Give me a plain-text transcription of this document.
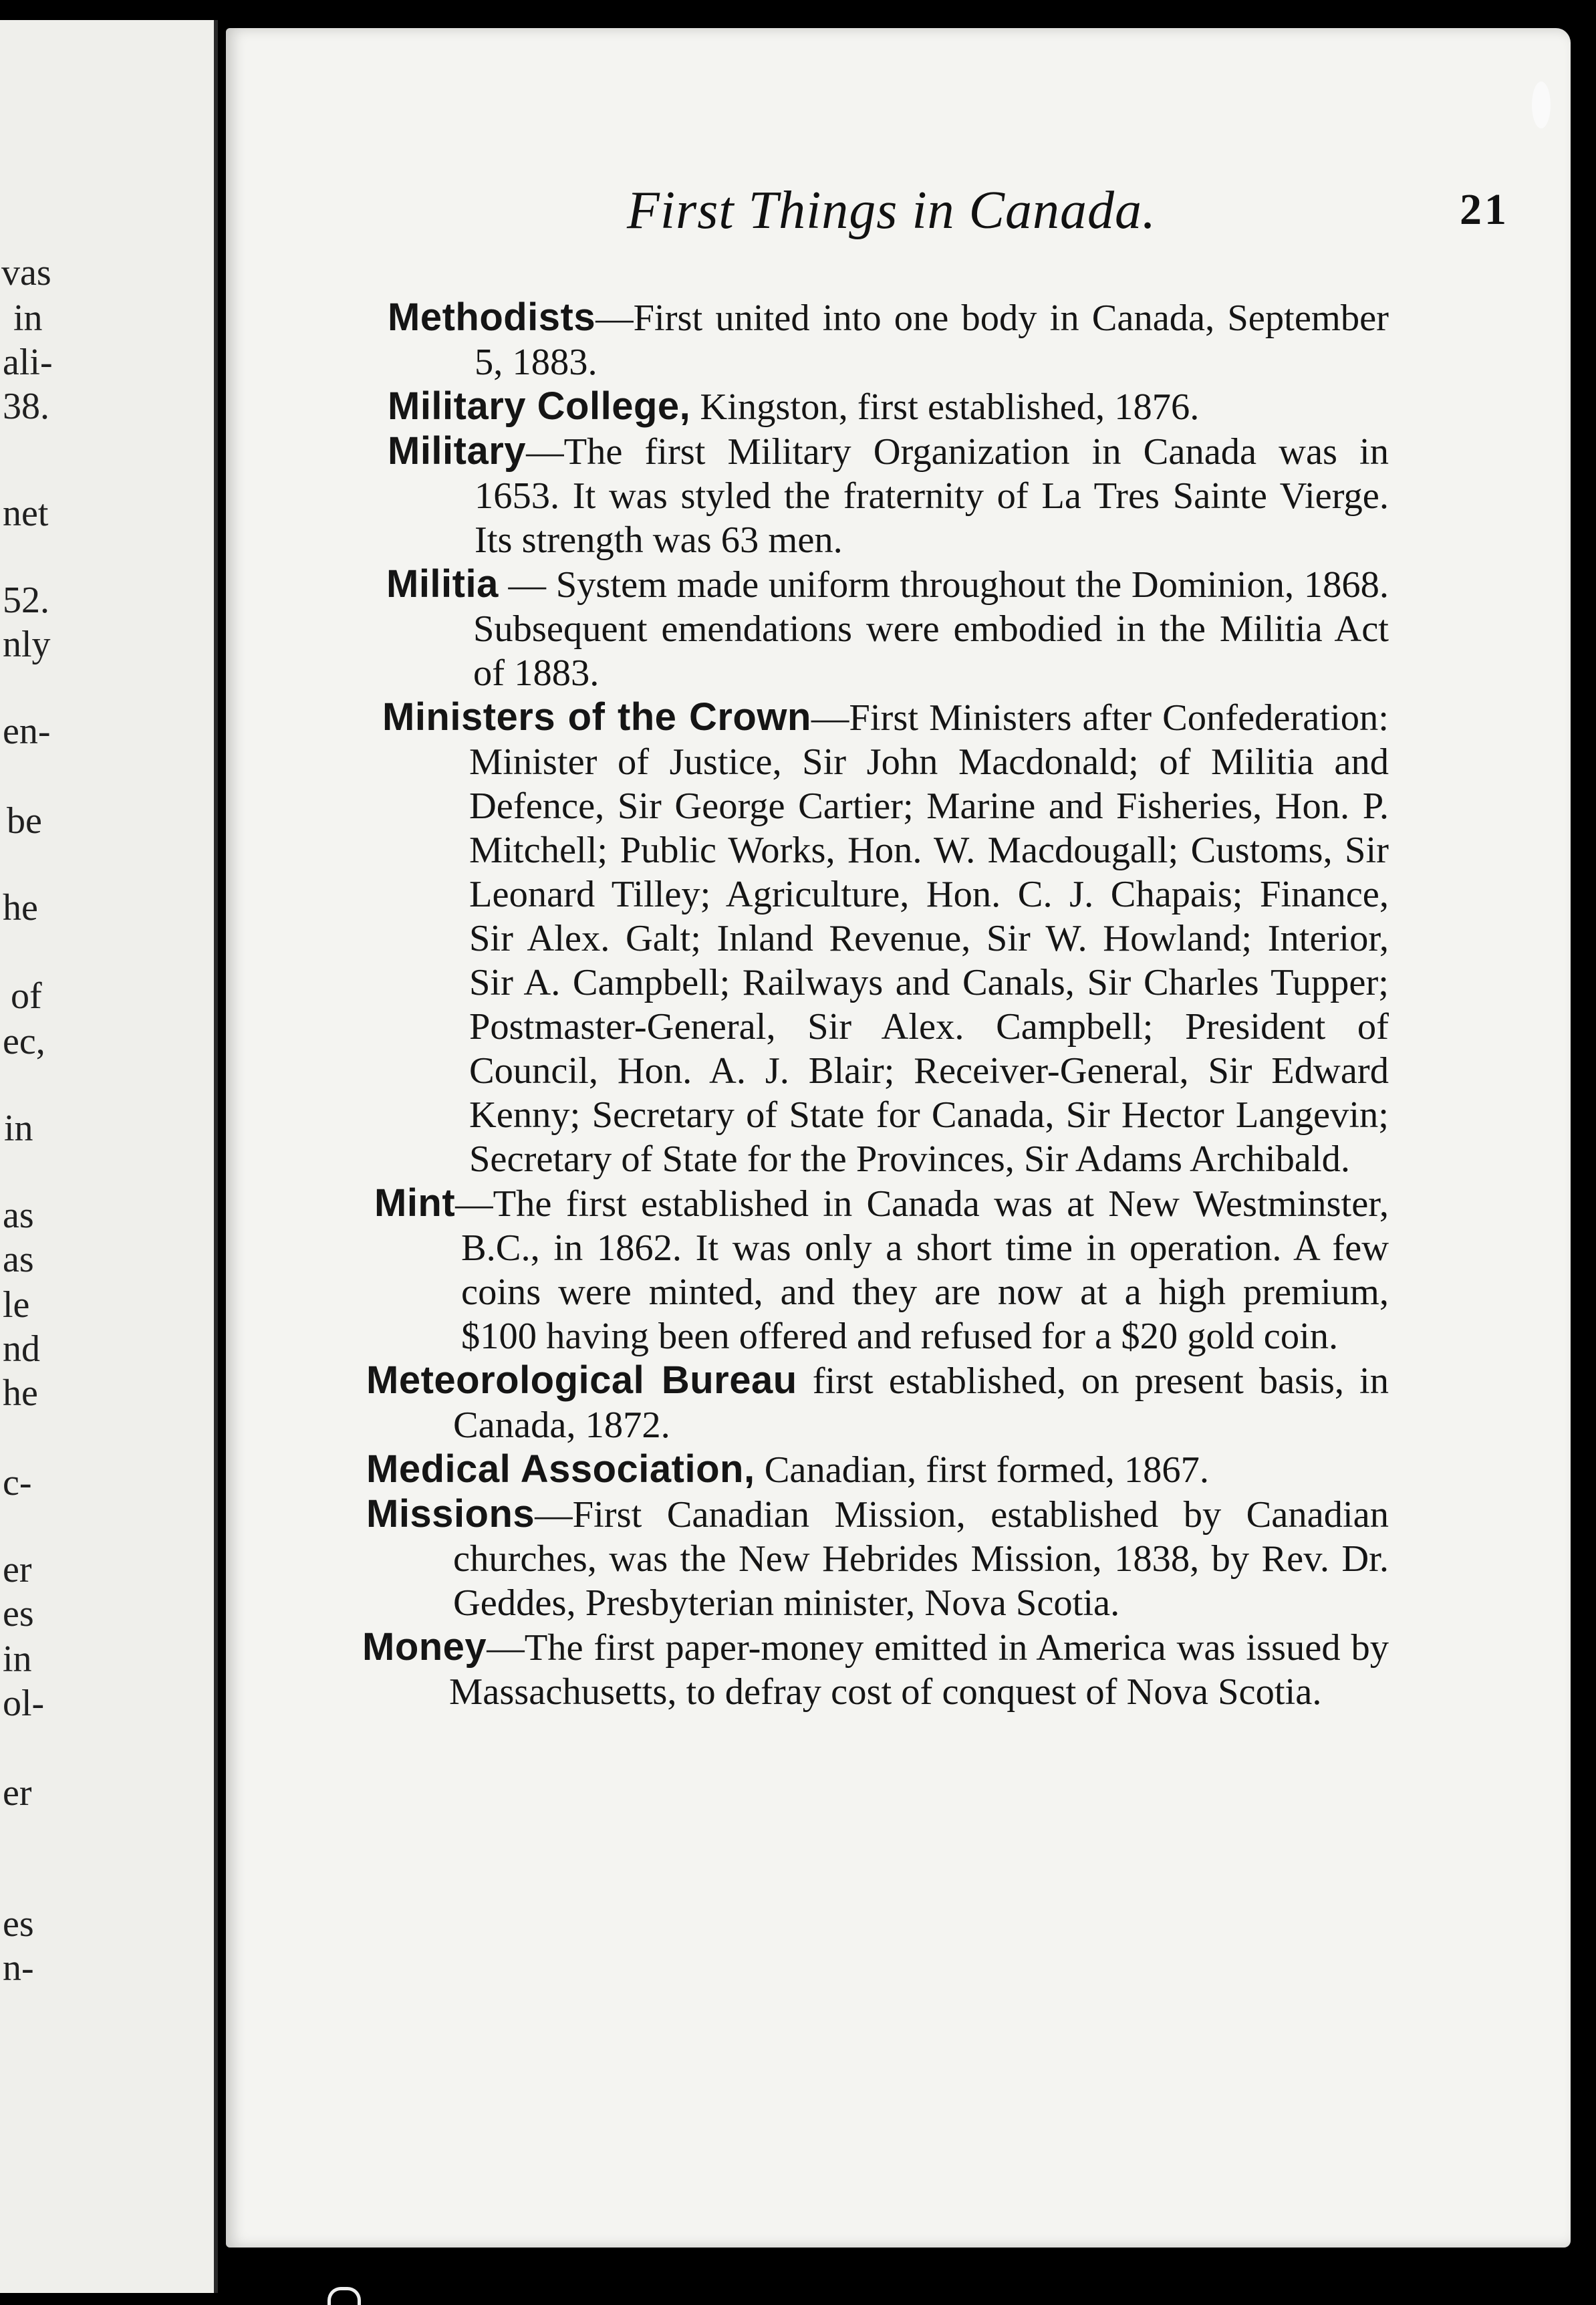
vas
in
ali-
38.
net
52.
nly
en-
be
he
of
ec,
in
as
as
le
nd
he
c-
er
es
in
ol-
er
es
n-
First Things in Canada.	21

Methodists—First united into one body in Canada, September 5, 1883.

Military College, Kingston, first established, 1876.

Military—The first Military Organization in Canada was in 1653. It was styled the fraternity of La Tres Sainte Vierge. Its strength was 63 men.

Militia — System made uniform throughout the Dominion, 1868. Subsequent emendations were embodied in the Militia Act of 1883.

Ministers of the Crown—First Ministers after Confederation: Minister of Justice, Sir John Macdonald; of Militia and Defence, Sir George Cartier; Marine and Fisheries, Hon. P. Mitchell; Public Works, Hon. W. Macdougall; Customs, Sir Leonard Tilley; Agriculture, Hon. C. J. Chapais; Finance, Sir Alex. Galt; Inland Revenue, Sir W. Howland; Interior, Sir A. Campbell; Railways and Canals, Sir Charles Tupper; Postmaster-General, Sir Alex. Campbell; President of Council, Hon. A. J. Blair; Receiver-General, Sir Edward Kenny; Secretary of State for Canada, Sir Hector Langevin; Secretary of State for the Provinces, Sir Adams Archibald.

Mint—The first established in Canada was at New Westminster, B.C., in 1862. It was only a short time in operation. A few coins were minted, and they are now at a high premium, $100 having been offered and refused for a $20 gold coin.

Meteorological Bureau first established, on present basis, in Canada, 1872.

Medical Association, Canadian, first formed, 1867.

Missions—First Canadian Mission, established by Canadian churches, was the New Hebrides Mission, 1838, by Rev. Dr. Geddes, Presbyterian minister, Nova Scotia.

Money—The first paper-money emitted in America was issued by Massachusetts, to defray cost of conquest of Nova Scotia.
